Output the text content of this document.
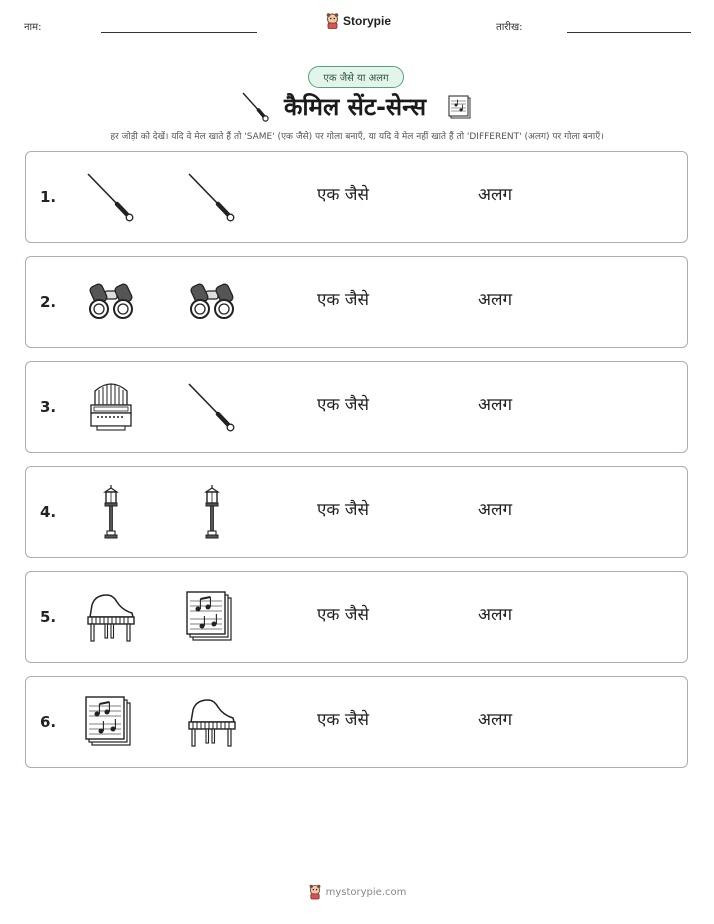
नाम:	Storypie	तारीख:
एक जैसे या अलग
कैमिल सेंट-सेन्स
हर जोड़ी को देखें। यदि वे मेल खाते हैं तो 'SAME' (एक जैसे) पर गोला बनाएँ, या यदि वे मेल नहीं खाते हैं तो 'DIFFERENT' (अलग) पर गोला बनाएँ।
1.	एक जैसे	अलग
2.	एक जैसे	अलग
3.	एक जैसे	अलग
4.	एक जैसे	अलग
5.	एक जैसे	अलग
6.	एक जैसे	अलग
mystorypie.com
